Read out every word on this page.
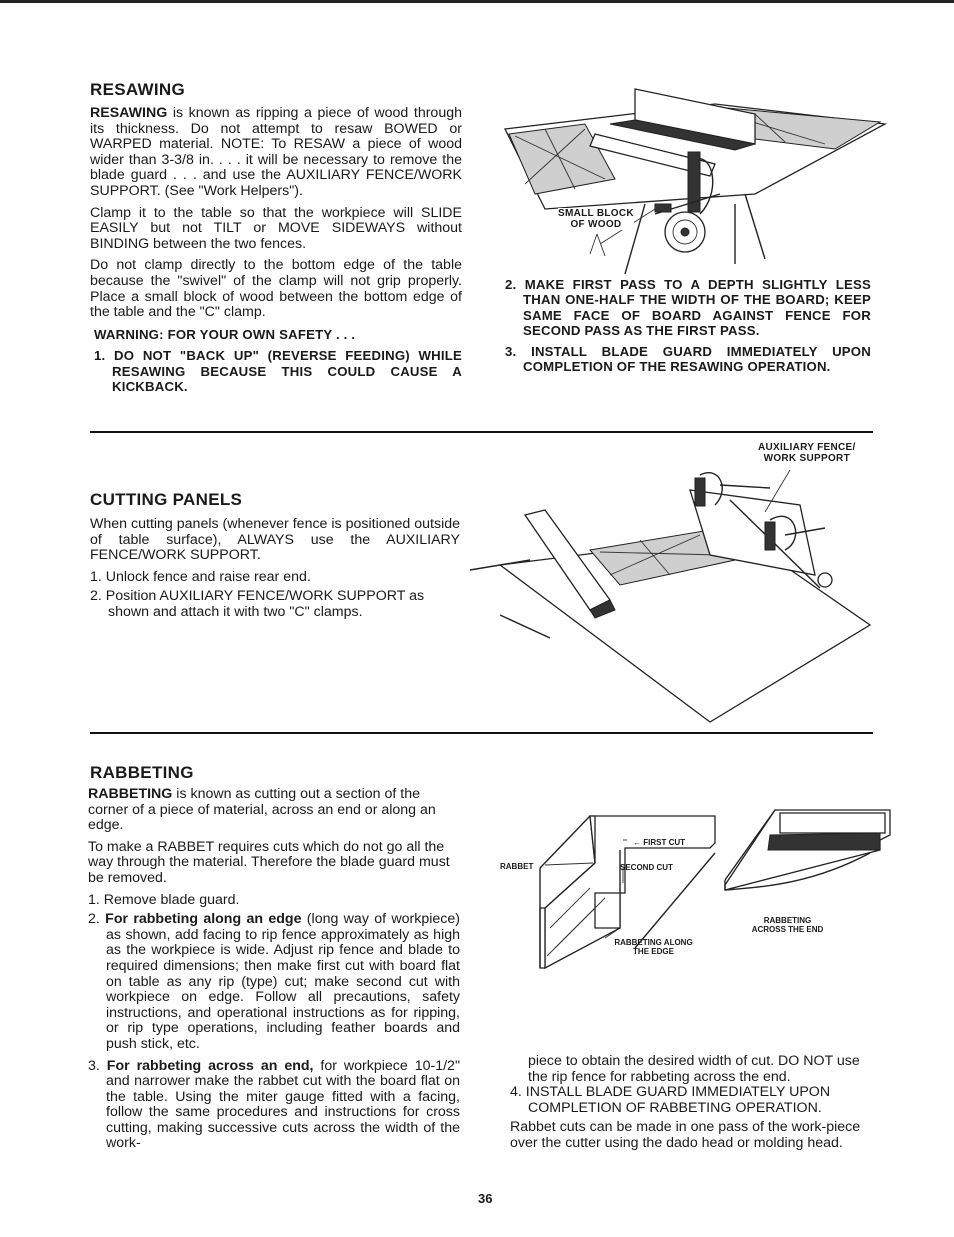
RESAWING

RESAWING is known as ripping a piece of wood through its thickness. Do not attempt to resaw BOWED or WARPED material. NOTE: To RESAW a piece of wood wider than 3-3/8 in. . . . it will be necessary to remove the blade guard . . . and use the AUXILIARY FENCE/WORK SUPPORT. (See "Work Helpers").

Clamp it to the table so that the workpiece will SLIDE EASILY but not TILT or MOVE SIDEWAYS without BINDING between the two fences.

Do not clamp directly to the bottom edge of the table because the "swivel" of the clamp will not grip properly. Place a small block of wood between the bottom edge of the table and the "C" clamp.

WARNING: FOR YOUR OWN SAFETY . . .

1. DO NOT "BACK UP" (REVERSE FEEDING) WHILE RESAWING BECAUSE THIS COULD CAUSE A KICKBACK.

SMALL BLOCK
OF WOOD

2. MAKE FIRST PASS TO A DEPTH SLIGHTLY LESS THAN ONE-HALF THE WIDTH OF THE BOARD; KEEP SAME FACE OF BOARD AGAINST FENCE FOR SECOND PASS AS THE FIRST PASS.

3. INSTALL BLADE GUARD IMMEDIATELY UPON COMPLETION OF THE RESAWING OPERATION.

CUTTING PANELS

When cutting panels (whenever fence is positioned outside of table surface), ALWAYS use the AUXILIARY FENCE/WORK SUPPORT.

1. Unlock fence and raise rear end.

2. Position AUXILIARY FENCE/WORK SUPPORT as shown and attach it with two "C" clamps.

AUXILIARY FENCE/
WORK SUPPORT
RABBETING

RABBETING is known as cutting out a section of the corner of a piece of material, across an end or along an edge.

To make a RABBET requires cuts which do not go all the way through the material. Therefore the blade guard must be removed.

1. Remove blade guard.

2. For rabbeting along an edge (long way of workpiece) as shown, add facing to rip fence approximately as high as the workpiece is wide. Adjust rip fence and blade to required dimensions; then make first cut with board flat on table as any rip (type) cut; make second cut with workpiece on edge. Follow all precautions, safety instructions, and operational instructions as for ripping, or rip type operations, including feather boards and push stick, etc.

3. For rabbeting across an end, for workpiece 10-1/2" and narrower make the rabbet cut with the board flat on the table. Using the miter gauge fitted with a facing, follow the same procedures and instructions for cross cutting, making successive cuts across the width of the work-

RABBET
← FIRST CUT
SECOND CUT
RABBETING ALONG
THE EDGE
RABBETING
ACROSS THE END

piece to obtain the desired width of cut. DO NOT use the rip fence for rabbeting across the end.

4. INSTALL BLADE GUARD IMMEDIATELY UPON COMPLETION OF RABBETING OPERATION.

Rabbet cuts can be made in one pass of the work-piece over the cutter using the dado head or molding head.

36
